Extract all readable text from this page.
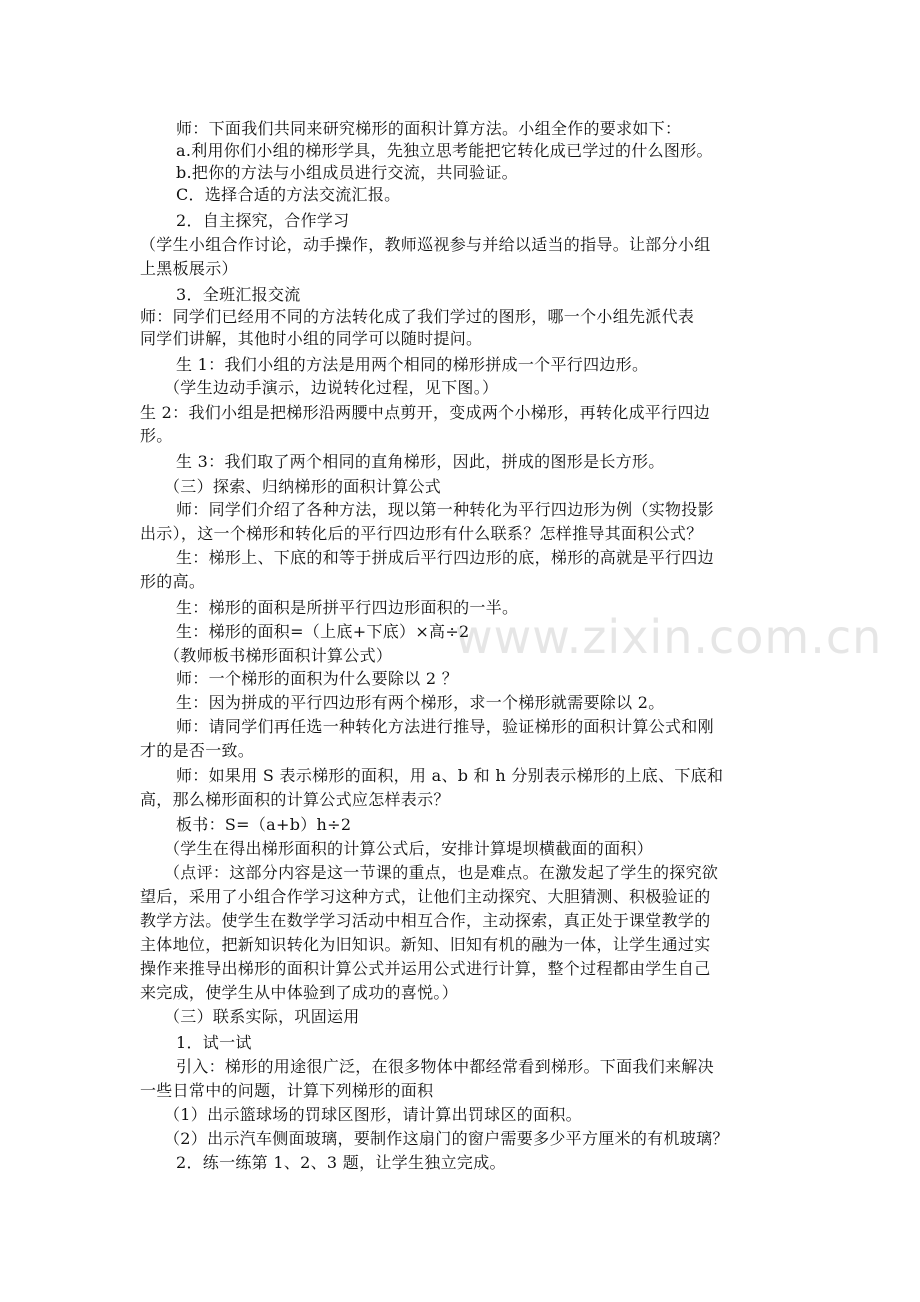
www.zixin.com.cn
师：下面我们共同来研究梯形的面积计算方法。小组全作的要求如下：
a.利用你们小组的梯形学具，先独立思考能把它转化成已学过的什么图形。
b.把你的方法与小组成员进行交流，共同验证。
C．选择合适的方法交流汇报。
2．自主探究，合作学习
（学生小组合作讨论，动手操作，教师巡视参与并给以适当的指导。让部分小组
上黑板展示）
3．全班汇报交流
师：同学们已经用不同的方法转化成了我们学过的图形，哪一个小组先派代表
同学们讲解，其他时小组的同学可以随时提问。
生 1：我们小组的方法是用两个相同的梯形拼成一个平行四边形。
（学生边动手演示，边说转化过程，见下图。）
生 2：我们小组是把梯形沿两腰中点剪开，变成两个小梯形，再转化成平行四边
形。
生 3：我们取了两个相同的直角梯形，因此，拼成的图形是长方形。
（三）探索、归纳梯形的面积计算公式
师：同学们介绍了各种方法，现以第一种转化为平行四边形为例（实物投影
出示），这一个梯形和转化后的平行四边形有什么联系？怎样推导其面积公式？
生：梯形上、下底的和等于拼成后平行四边形的底，梯形的高就是平行四边
形的高。
生：梯形的面积是所拼平行四边形面积的一半。
生：梯形的面积=（上底+下底）×高÷2
（教师板书梯形面积计算公式）
师：一个梯形的面积为什么要除以 2 ？
生：因为拼成的平行四边形有两个梯形，求一个梯形就需要除以 2。
师：请同学们再任选一种转化方法进行推导，验证梯形的面积计算公式和刚
才的是否一致。
师：如果用 S 表示梯形的面积，用 a、b 和 h 分别表示梯形的上底、下底和
高，那么梯形面积的计算公式应怎样表示？
板书：S=（a+b）h÷2
（学生在得出梯形面积的计算公式后，安排计算堤坝横截面的面积）
（点评：这部分内容是这一节课的重点，也是难点。在激发起了学生的探究欲
望后，采用了小组合作学习这种方式，让他们主动探究、大胆猜测、积极验证的
教学方法。使学生在数学学习活动中相互合作，主动探索，真正处于课堂教学的
主体地位，把新知识转化为旧知识。新知、旧知有机的融为一体，让学生通过实
操作来推导出梯形的面积计算公式并运用公式进行计算，整个过程都由学生自己
来完成，使学生从中体验到了成功的喜悦。）
（三）联系实际，巩固运用
1．试一试
引入：梯形的用途很广泛，在很多物体中都经常看到梯形。下面我们来解决
一些日常中的问题，计算下列梯形的面积
（1）出示篮球场的罚球区图形，请计算出罚球区的面积。
（2）出示汽车侧面玻璃，要制作这扇门的窗户需要多少平方厘米的有机玻璃？
2．练一练第 1、2、3 题，让学生独立完成。
